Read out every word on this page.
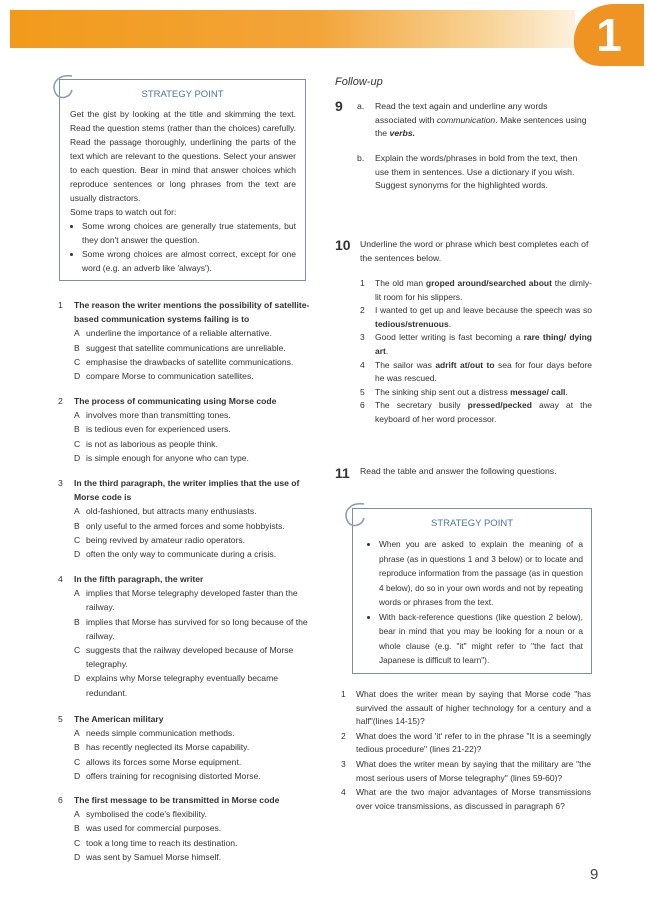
1
STRATEGY POINT
Get the gist by looking at the title and skimming the text. Read the question stems (rather than the choices) carefully. Read the passage thoroughly, underlining the parts of the text which are relevant to the questions. Select your answer to each question. Bear in mind that answer choices which reproduce sentences or long phrases from the text are usually distractors.
Some traps to watch out for:
• Some wrong choices are generally true statements, but they don't answer the question.
• Some wrong choices are almost correct, except for one word (e.g. an adverb like 'always').
1 The reason the writer mentions the possibility of satellite-based communication systems failing is to
A underline the importance of a reliable alternative.
B suggest that satellite communications are unreliable.
C emphasise the drawbacks of satellite communications.
D compare Morse to communication satellites.
2 The process of communicating using Morse code
A involves more than transmitting tones.
B is tedious even for experienced users.
C is not as laborious as people think.
D is simple enough for anyone who can type.
3 In the third paragraph, the writer implies that the use of Morse code is
A old-fashioned, but attracts many enthusiasts.
B only useful to the armed forces and some hobbyists.
C being revived by amateur radio operators.
D often the only way to communicate during a crisis.
4 In the fifth paragraph, the writer
A implies that Morse telegraphy developed faster than the railway.
B implies that Morse has survived for so long because of the railway.
C suggests that the railway developed because of Morse telegraphy.
D explains why Morse telegraphy eventually became redundant.
5 The American military
A needs simple communication methods.
B has recently neglected its Morse capability.
C allows its forces some Morse equipment.
D offers training for recognising distorted Morse.
6 The first message to be transmitted in Morse code
A symbolised the code's flexibility.
B was used for commercial purposes.
C took a long time to reach its destination.
D was sent by Samuel Morse himself.
Follow-up
9 a. Read the text again and underline any words associated with communication. Make sentences using the verbs.
b. Explain the words/phrases in bold from the text, then use them in sentences. Use a dictionary if you wish. Suggest synonyms for the highlighted words.
10 Underline the word or phrase which best completes each of the sentences below.
1 The old man groped around/searched about the dimly-lit room for his slippers.
2 I wanted to get up and leave because the speech was so tedious/strenuous.
3 Good letter writing is fast becoming a rare thing/ dying art.
4 The sailor was adrift at/out to sea for four days before he was rescued.
5 The sinking ship sent out a distress message/ call.
6 The secretary busily pressed/pecked away at the keyboard of her word processor.
11 Read the table and answer the following questions.
STRATEGY POINT
• When you are asked to explain the meaning of a phrase (as in questions 1 and 3 below) or to locate and reproduce information from the passage (as in question 4 below), do so in your own words and not by repeating words or phrases from the text.
• With back-reference questions (like question 2 below), bear in mind that you may be looking for a noun or a whole clause (e.g. "it" might refer to "the fact that Japanese is difficult to learn").
1 What does the writer mean by saying that Morse code "has survived the assault of higher technology for a century and a half"(lines 14-15)?
2 What does the word 'it' refer to in the phrase "It is a seemingly tedious procedure" (lines 21-22)?
3 What does the writer mean by saying that the military are "the most serious users of Morse telegraphy" (lines 59-60)?
4 What are the two major advantages of Morse transmissions over voice transmissions, as discussed in paragraph 6?
9
